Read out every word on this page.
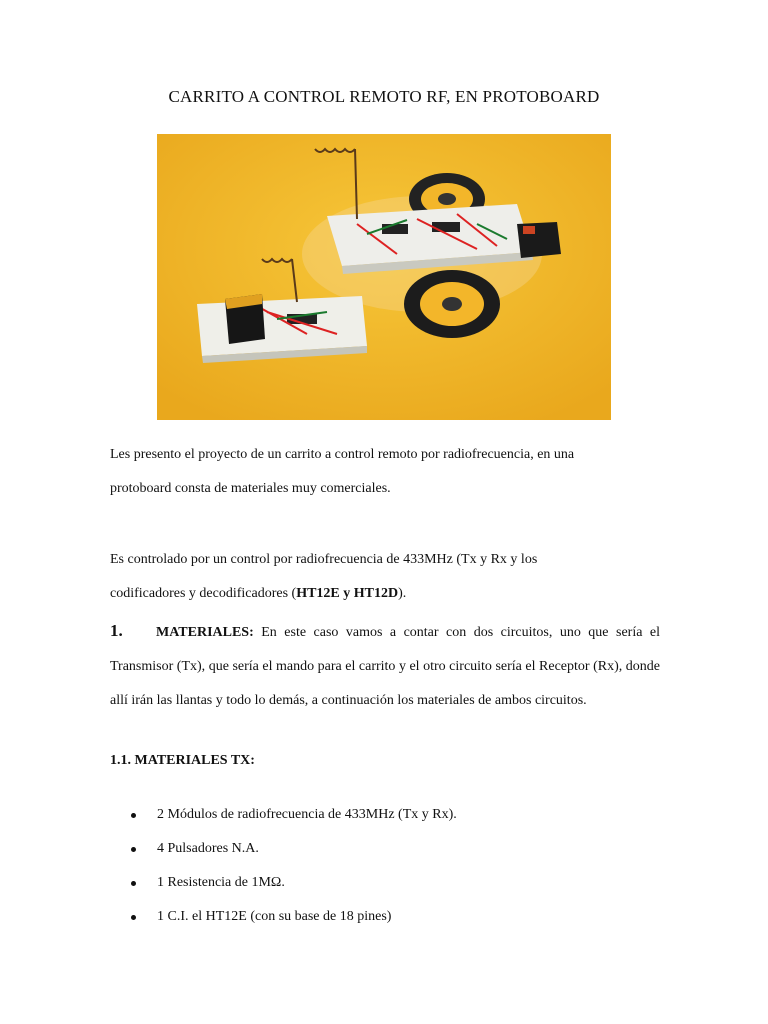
CARRITO A CONTROL REMOTO RF, EN PROTOBOARD
Les presento el proyecto de un carrito a control remoto por radiofrecuencia, en una
protoboard consta de materiales muy comerciales.
Es controlado por un control por radiofrecuencia de 433MHz (Tx y Rx y los
codificadores y decodificadores (HT12E y HT12D).
1. MATERIALES: En este caso vamos a contar con dos circuitos, uno que sería el Transmisor (Tx), que sería el mando para el carrito y el otro circuito sería el Receptor (Rx), donde allí irán las llantas y todo lo demás, a continuación los materiales de ambos circuitos.
1.1. MATERIALES TX:
2 Módulos de radiofrecuencia de 433MHz (Tx y Rx).
4 Pulsadores N.A.
1 Resistencia de 1MΩ.
1 C.I. el HT12E (con su base de 18 pines)
